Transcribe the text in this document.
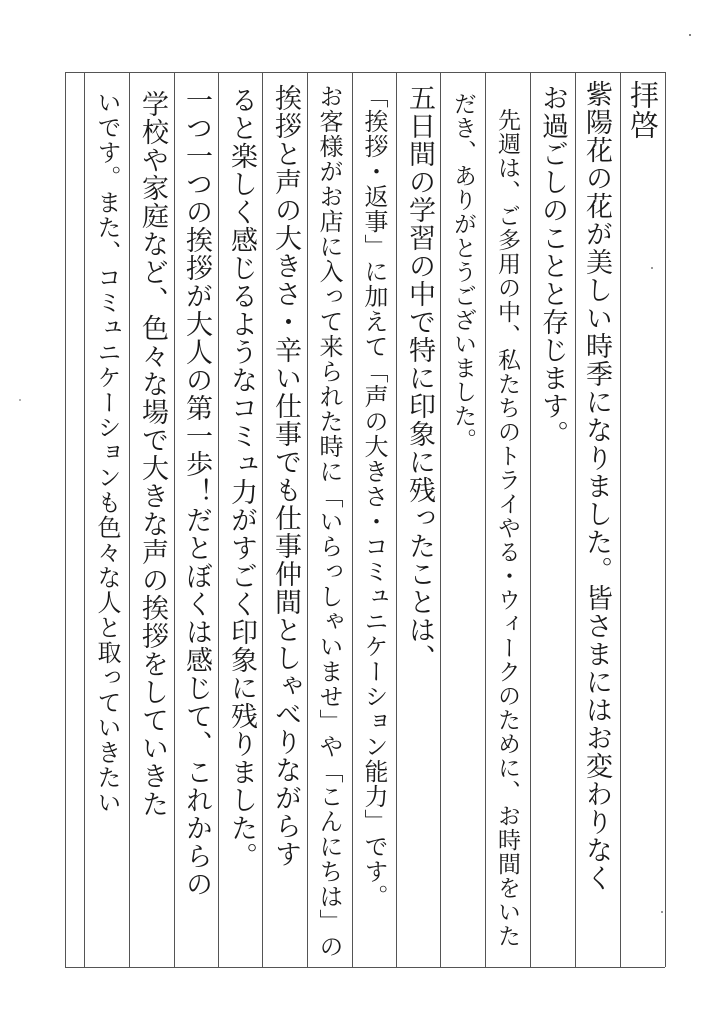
拝啓
紫陽花の花が美しい時季になりました。皆さまにはお変わりなく
お過ごしのことと存じます。
先週は、ご多用の中、私たちのトライやる・ウィークのために、お時間をいた
だき、ありがとうございました。
五日間の学習の中で特に印象に残ったことは、
「挨拶・返事」に加えて「声の大きさ・コミュニケーション能力」です。
お客様がお店に入って来られた時に「いらっしゃいませ」や「こんにちは」の
挨拶と声の大きさ・辛い仕事でも仕事仲間としゃべりながらす
ると楽しく感じるようなコミュ力がすごく印象に残りました。
一つ一つの挨拶が大人の第一歩！だとぼくは感じて、これからの
学校や家庭など、色々な場で大きな声の挨拶をしていきた
いです。また、コミュニケーションも色々な人と取っていきたい
